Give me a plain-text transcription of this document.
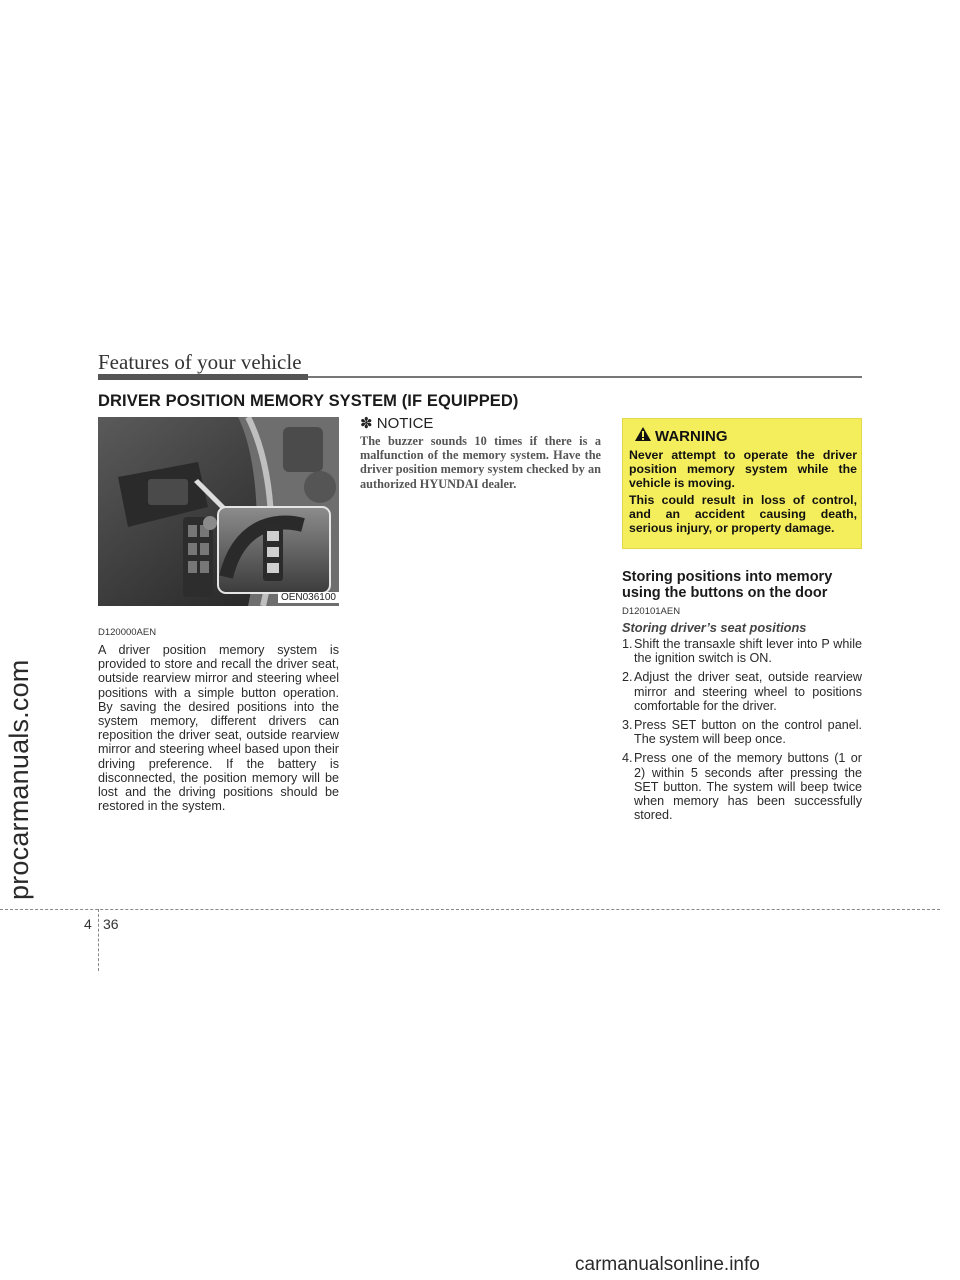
procarmanuals.com
Features of your vehicle
DRIVER POSITION MEMORY SYSTEM (IF EQUIPPED)
OEN036100
D120000AEN
A driver position memory system is provided to store and recall the driver seat, outside rearview mirror and steering wheel positions with a simple button operation. By saving the desired positions into the system memory, different drivers can reposition the driver seat, outside rearview mirror and steering wheel based upon their driving preference. If the battery is disconnected, the position memory will be lost and the driving positions should be restored in the system.
✽ NOTICE
The buzzer sounds 10 times if there is a malfunction of the memory system. Have the driver position memory system checked by an authorized HYUNDAI dealer.
WARNING
Never attempt to operate the driver position memory system while the vehicle is moving.
This could result in loss of control, and an accident causing death, serious injury, or property damage.
Storing positions into memory using the buttons on the door
D120101AEN
Storing driver’s seat positions
1. Shift the transaxle shift lever into P while the ignition switch is ON.
2. Adjust the driver seat, outside rearview mirror and steering wheel to positions comfortable for the driver.
3. Press SET button on the control panel. The system will beep once.
4. Press one of the memory buttons (1 or 2) within 5 seconds after pressing the SET button. The system will beep twice when memory has been successfully stored.
4 36
carmanualsonline.info
